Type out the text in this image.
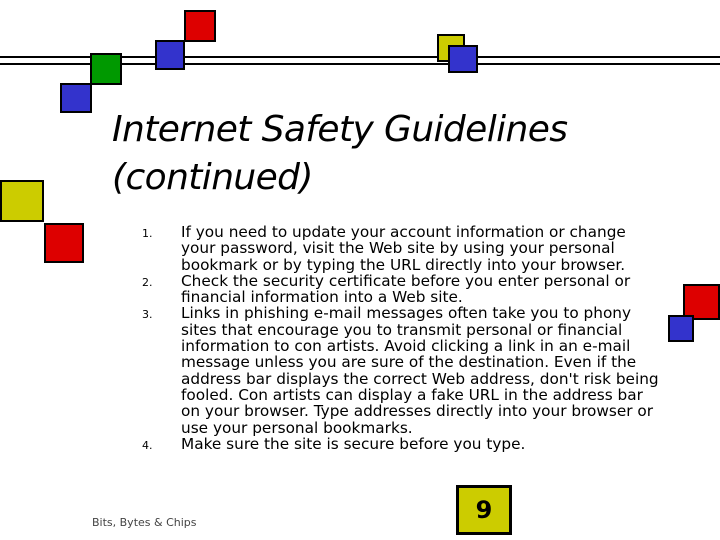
Internet Safety Guidelines
(continued)
1. If you need to update your account information or change your password, visit the Web site by using your personal bookmark or by typing the URL directly into your browser.
2. Check the security certificate before you enter personal or financial information into a Web site.
3. Links in phishing e-mail messages often take you to phony sites that encourage you to transmit personal or financial information to con artists. Avoid clicking a link in an e-mail message unless you are sure of the destination. Even if the address bar displays the correct Web address, don't risk being fooled. Con artists can display a fake URL in the address bar on your browser. Type addresses directly into your browser or use your personal bookmarks.
4. Make sure the site is secure before you type.
Bits, Bytes & Chips	9
